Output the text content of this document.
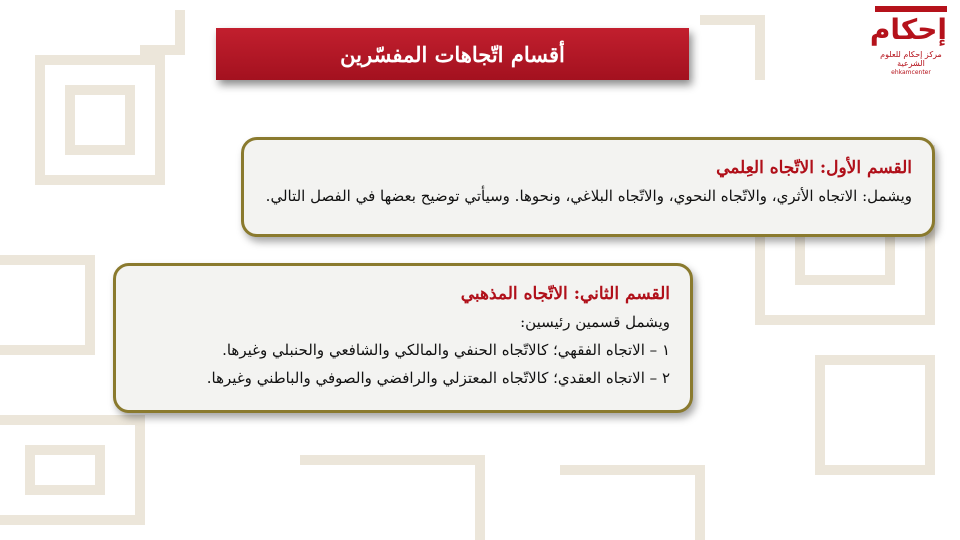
أقسام اتّجاهات المفسّرين
إحكام
مركز إحكام للعلوم الشرعية
ehkamcenter
القسم الأول: الاتّجاه العِلمي
ويشمل: الاتجاه الأثري، والاتّجاه النحوي، والاتّجاه البلاغي، ونحوها. وسيأتي توضيح بعضها في الفصل التالي.
القسم الثاني: الاتّجاه المذهبي
ويشمل قسمين رئيسين:
١ – الاتجاه الفقهي؛ كالاتّجاه الحنفي والمالكي والشافعي والحنبلي وغيرها.
٢ – الاتجاه العقدي؛ كالاتّجاه المعتزلي والرافضي والصوفي والباطني وغيرها.
